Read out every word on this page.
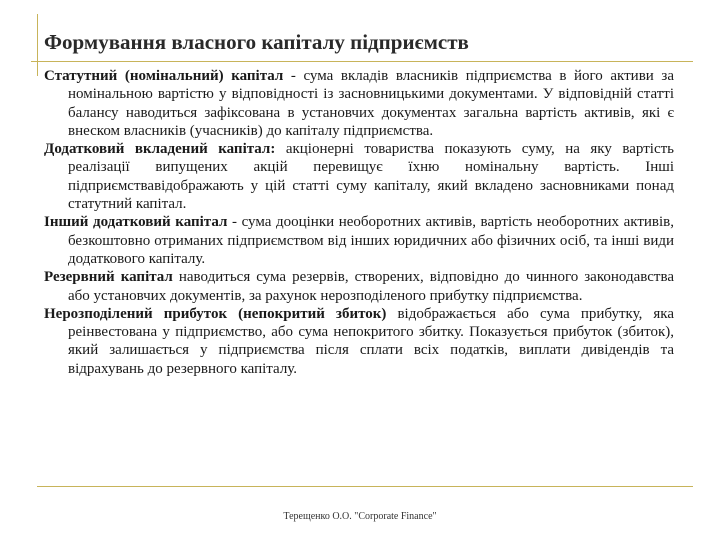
Формування власного капіталу підприємств

Статутний (номінальний) капітал - сума вкладів власників підприємства в його активи за номінальною вартістю у відповідності із засновницькими документами. У відповідній статті балансу наводиться зафіксована в установчих документах загальна вартість активів, які є внеском власників (учасників) до капіталу підприємства.

Додатковий вкладений капітал: акціонерні товариства показують суму, на яку вартість реалізації випущених акцій перевищує їхню номінальну вартість. Інші підприємствавідображають у цій статті суму капіталу, який вкладено засновниками понад статутний капітал.

Інший додатковий капітал - сума дооцінки необоротних активів, вартість необоротних активів, безкоштовно отриманих підприємством від інших юридичних або фізичних осіб, та інші види додаткового капіталу.

Резервний капітал наводиться сума резервів, створених, відповідно до чинного законодавства або установчих документів, за рахунок нерозподіленого прибутку підприємства.

Нерозподілений прибуток (непокритий збиток) відображається або сума прибутку, яка реінвестована у підприємство, або сума непокритого збитку. Показується прибуток (збиток), який залишається у підприємства після сплати всіх податків, виплати дивідендів та відрахувань до резервного капіталу.

Терещенко О.О. "Corporate Finance"
